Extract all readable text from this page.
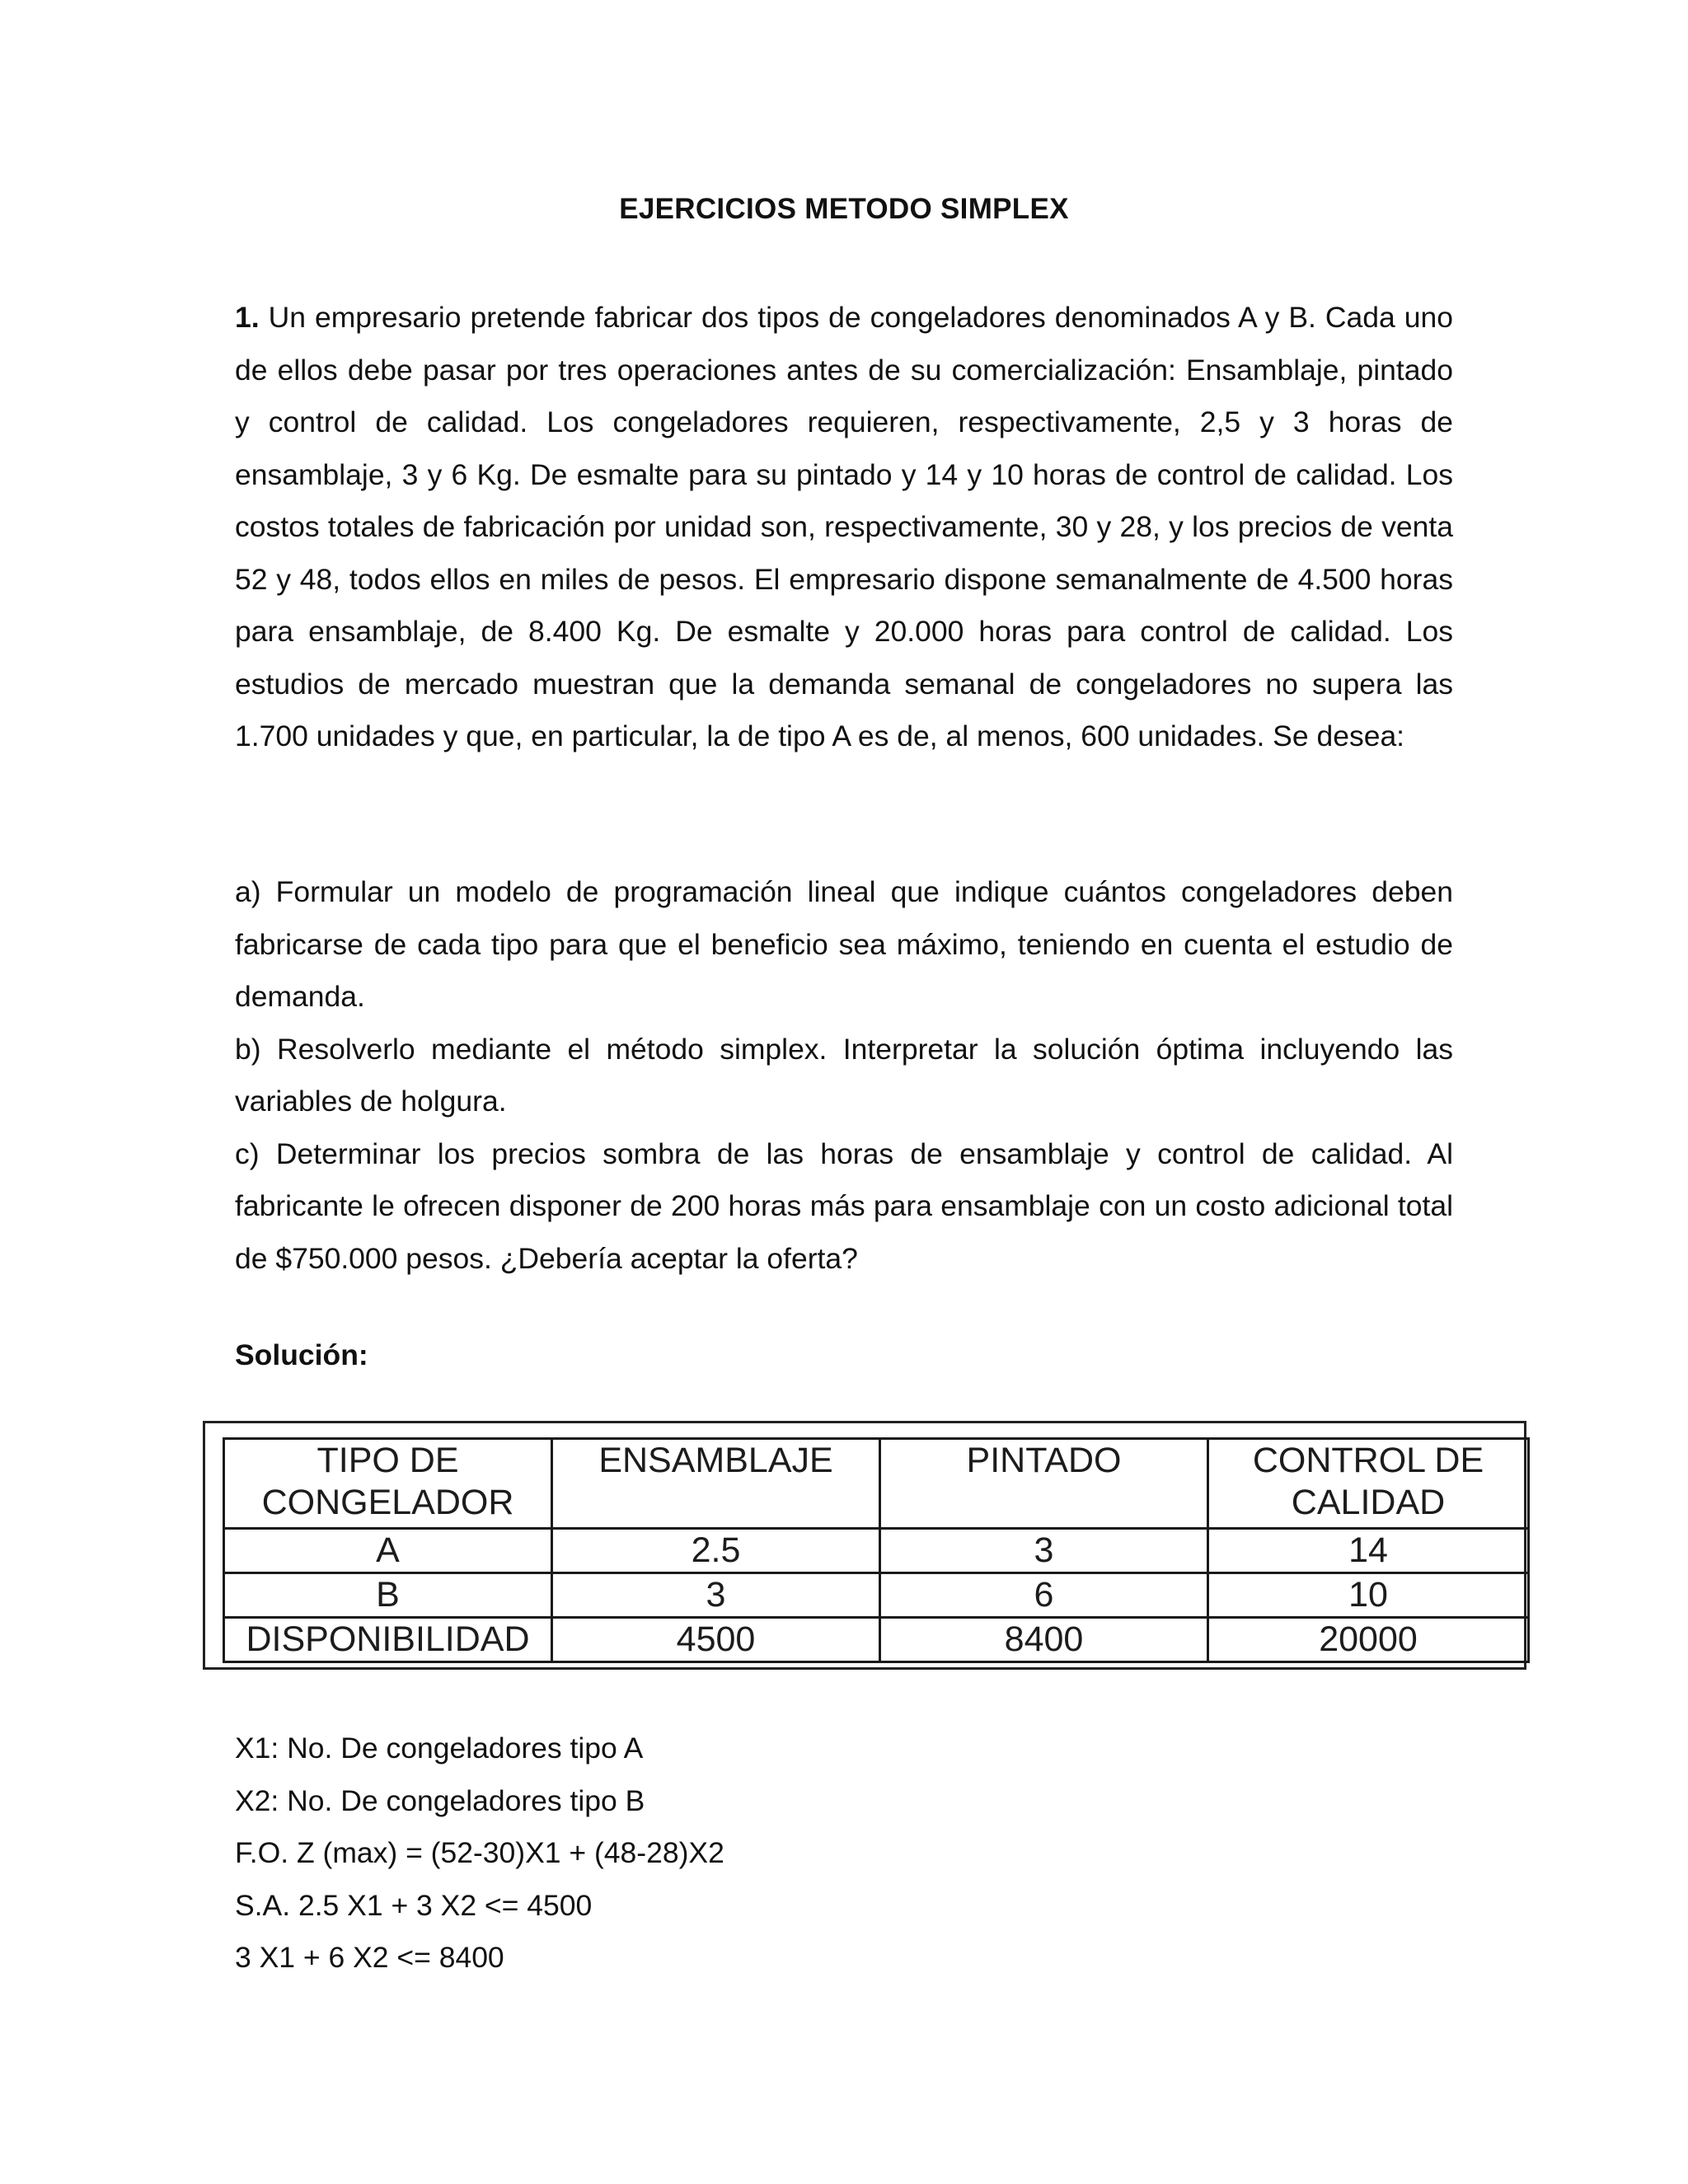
EJERCICIOS METODO SIMPLEX

1. Un empresario pretende fabricar dos tipos de congeladores denominados A y B. Cada uno de ellos debe pasar por tres operaciones antes de su comercialización: Ensamblaje, pintado y control de calidad. Los congeladores requieren, respectivamente, 2,5 y 3 horas de ensamblaje, 3 y 6 Kg. De esmalte para su pintado y 14 y 10 horas de control de calidad. Los costos totales de fabricación por unidad son, respectivamente, 30 y 28, y los precios de venta 52 y 48, todos ellos en miles de pesos. El empresario dispone semanalmente de 4.500 horas para ensamblaje, de 8.400 Kg. De esmalte y 20.000 horas para control de calidad. Los estudios de mercado muestran que la demanda semanal de congeladores no supera las 1.700 unidades y que, en particular, la de tipo A es de, al menos, 600 unidades. Se desea:

a) Formular un modelo de programación lineal que indique cuántos congeladores deben fabricarse de cada tipo para que el beneficio sea máximo, teniendo en cuenta el estudio de demanda.

b) Resolverlo mediante el método simplex. Interpretar la solución óptima incluyendo las variables de holgura.

c) Determinar los precios sombra de las horas de ensamblaje y control de calidad. Al fabricante le ofrecen disponer de 200 horas más para ensamblaje con un costo adicional total de $750.000 pesos. ¿Debería aceptar la oferta?

Solución:
TIPO DE CONGELADOR	ENSAMBLAJE	PINTADO	CONTROL DE CALIDAD
A	2.5	3	14
B	3	6	10
DISPONIBILIDAD	4500	8400	20000

X1: No. De congeladores tipo A

X2: No. De congeladores tipo B

F.O. Z (max) = (52-30)X1 + (48-28)X2

S.A. 2.5 X1 + 3 X2 <= 4500

3 X1 + 6 X2 <= 8400
